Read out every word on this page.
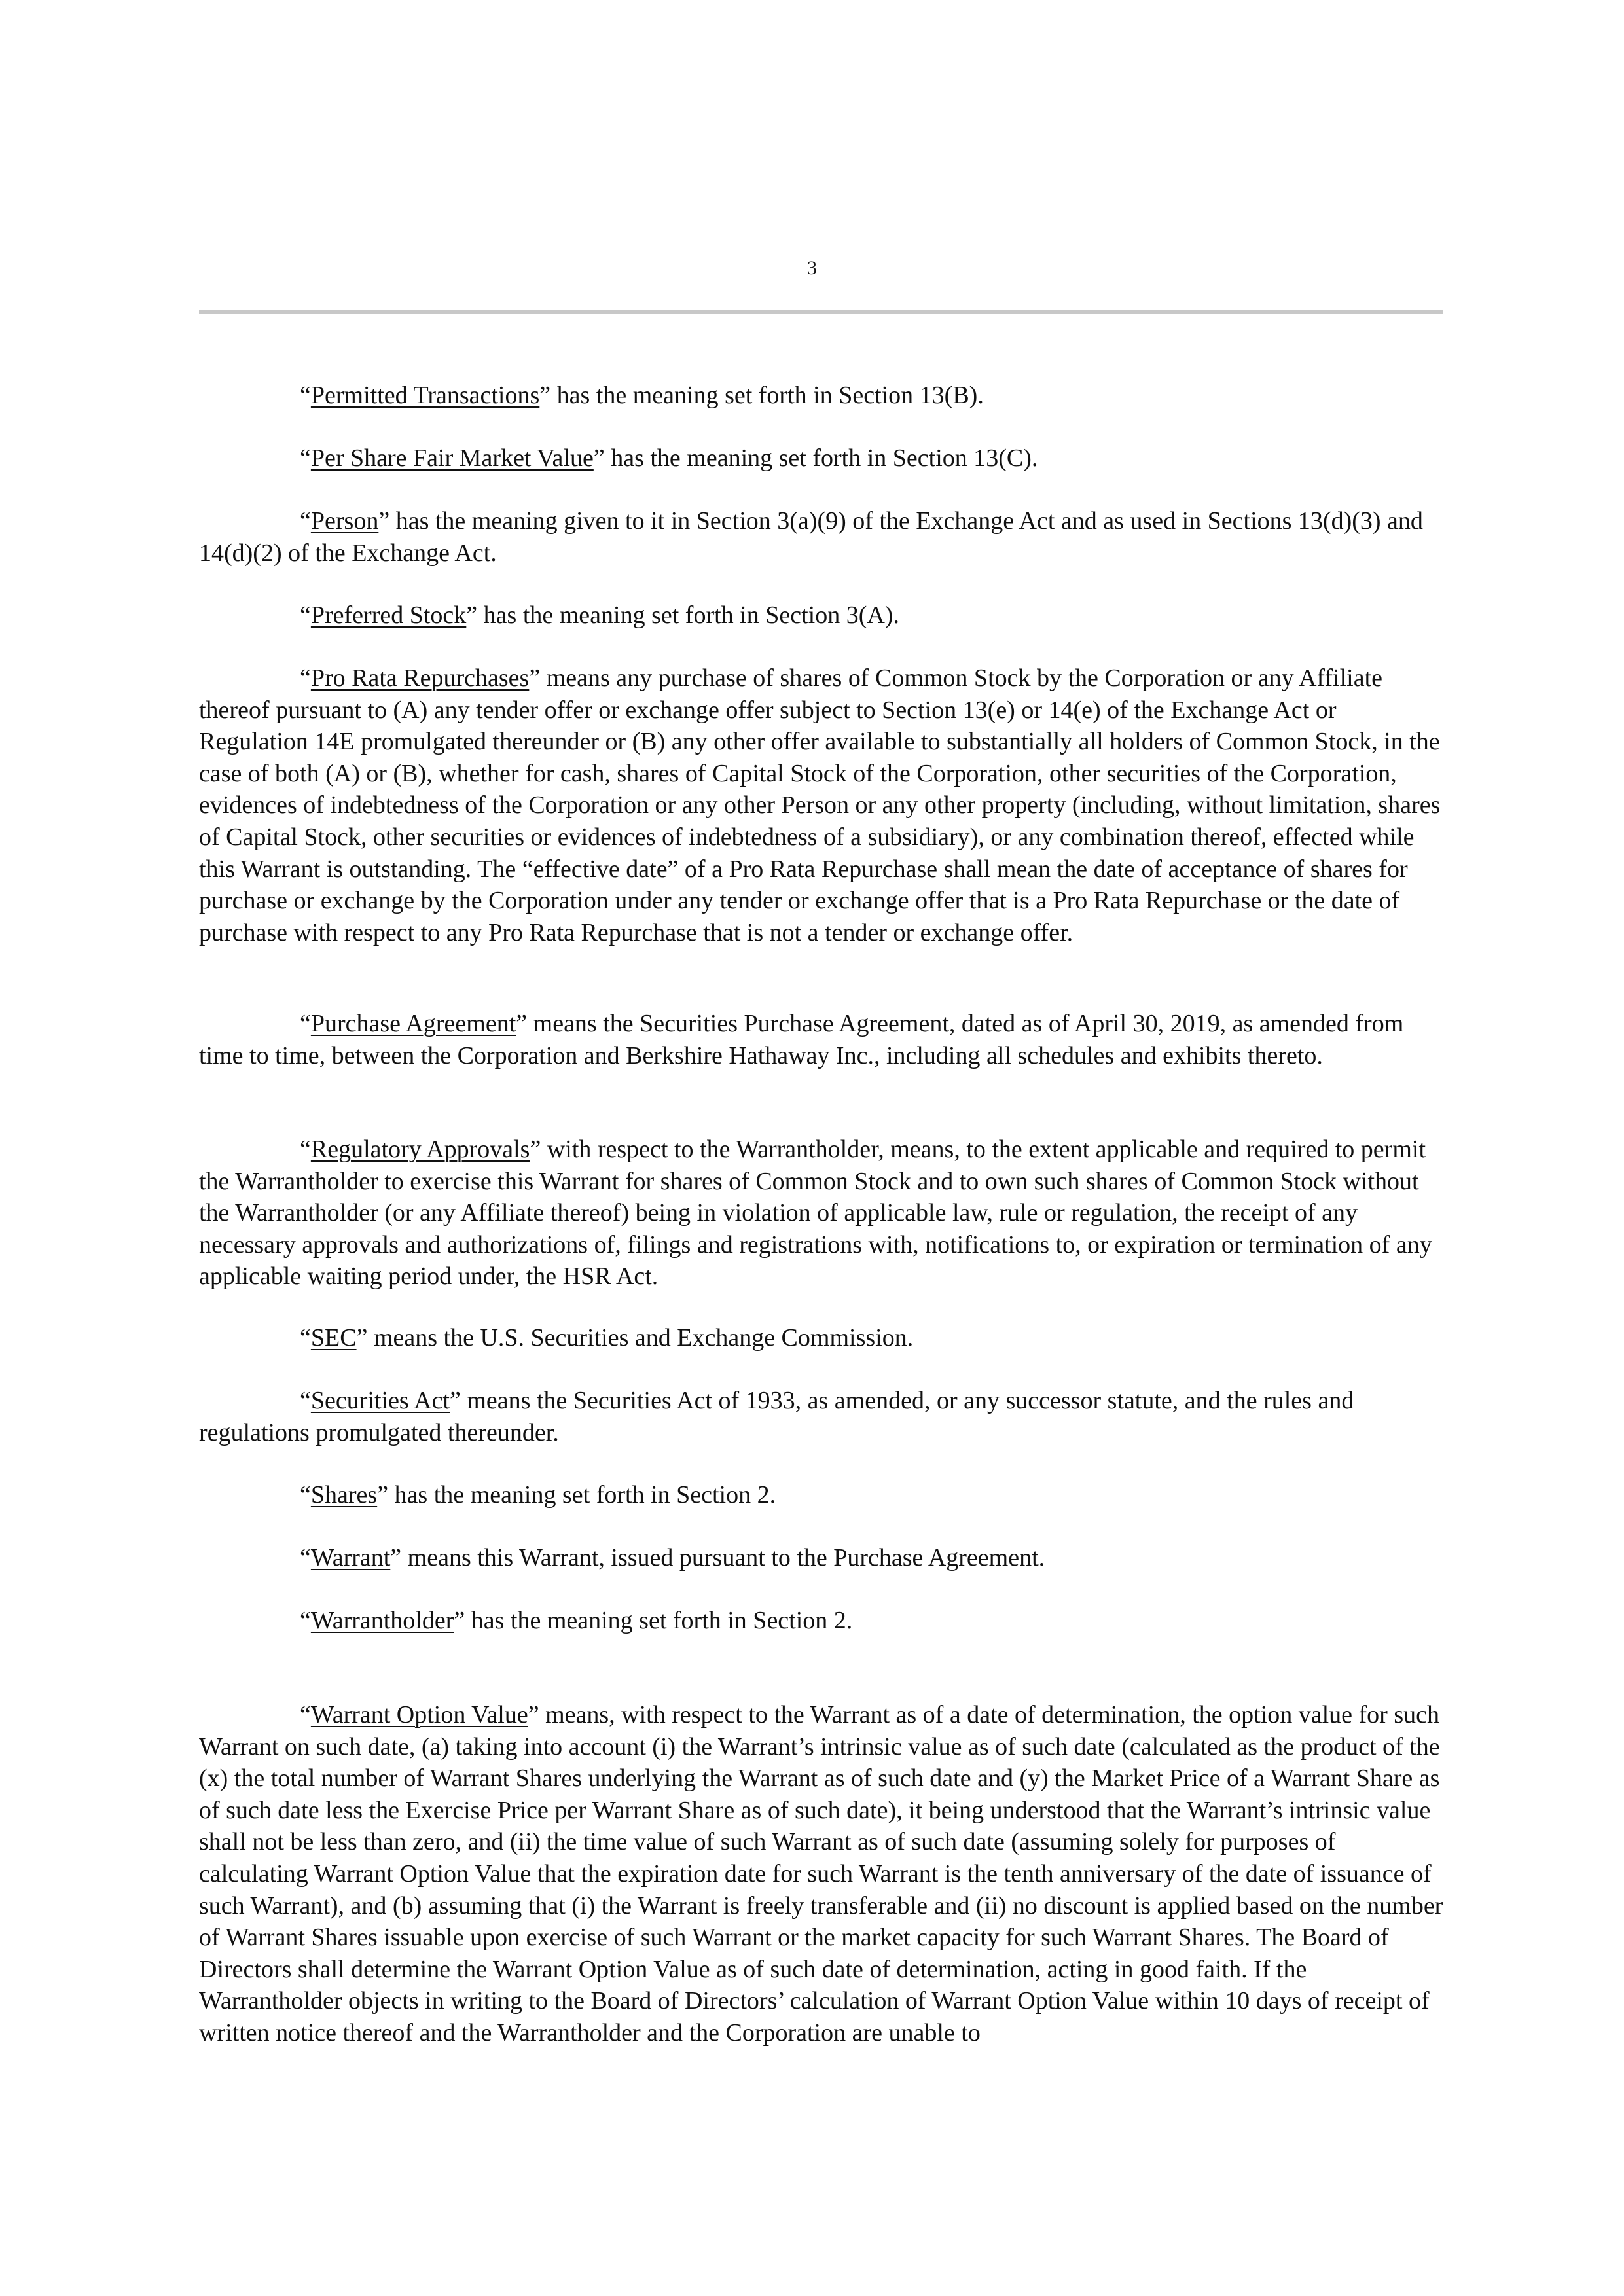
3

“Permitted Transactions” has the meaning set forth in Section 13(B).

“Per Share Fair Market Value” has the meaning set forth in Section 13(C).

“Person” has the meaning given to it in Section 3(a)(9) of the Exchange Act and as used in Sections 13(d)(3) and 14(d)(2) of the Exchange Act.

“Preferred Stock” has the meaning set forth in Section 3(A).

“Pro Rata Repurchases” means any purchase of shares of Common Stock by the Corporation or any Affiliate thereof pursuant to (A) any tender offer or exchange offer subject to Section 13(e) or 14(e) of the Exchange Act or Regulation 14E promulgated thereunder or (B) any other offer available to substantially all holders of Common Stock, in the case of both (A) or (B), whether for cash, shares of Capital Stock of the Corporation, other securities of the Corporation, evidences of indebtedness of the Corporation or any other Person or any other property (including, without limitation, shares of Capital Stock, other securities or evidences of indebtedness of a subsidiary), or any combination thereof, effected while this Warrant is outstanding. The “effective date” of a Pro Rata Repurchase shall mean the date of acceptance of shares for purchase or exchange by the Corporation under any tender or exchange offer that is a Pro Rata Repurchase or the date of purchase with respect to any Pro Rata Repurchase that is not a tender or exchange offer.

“Purchase Agreement” means the Securities Purchase Agreement, dated as of April 30, 2019, as amended from time to time, between the Corporation and Berkshire Hathaway Inc., including all schedules and exhibits thereto.

“Regulatory Approvals” with respect to the Warrantholder, means, to the extent applicable and required to permit the Warrantholder to exercise this Warrant for shares of Common Stock and to own such shares of Common Stock without the Warrantholder (or any Affiliate thereof) being in violation of applicable law, rule or regulation, the receipt of any necessary approvals and authorizations of, filings and registrations with, notifications to, or expiration or termination of any applicable waiting period under, the HSR Act.

“SEC” means the U.S. Securities and Exchange Commission.

“Securities Act” means the Securities Act of 1933, as amended, or any successor statute, and the rules and regulations promulgated thereunder.

“Shares” has the meaning set forth in Section 2.

“Warrant” means this Warrant, issued pursuant to the Purchase Agreement.

“Warrantholder” has the meaning set forth in Section 2.

“Warrant Option Value” means, with respect to the Warrant as of a date of determination, the option value for such Warrant on such date, (a) taking into account (i) the Warrant’s intrinsic value as of such date (calculated as the product of the (x) the total number of Warrant Shares underlying the Warrant as of such date and (y) the Market Price of a Warrant Share as of such date less the Exercise Price per Warrant Share as of such date), it being understood that the Warrant’s intrinsic value shall not be less than zero, and (ii) the time value of such Warrant as of such date (assuming solely for purposes of calculating Warrant Option Value that the expiration date for such Warrant is the tenth anniversary of the date of issuance of such Warrant), and (b) assuming that (i) the Warrant is freely transferable and (ii) no discount is applied based on the number of Warrant Shares issuable upon exercise of such Warrant or the market capacity for such Warrant Shares. The Board of Directors shall determine the Warrant Option Value as of such date of determination, acting in good faith. If the Warrantholder objects in writing to the Board of Directors’ calculation of Warrant Option Value within 10 days of receipt of written notice thereof and the Warrantholder and the Corporation are unable to
